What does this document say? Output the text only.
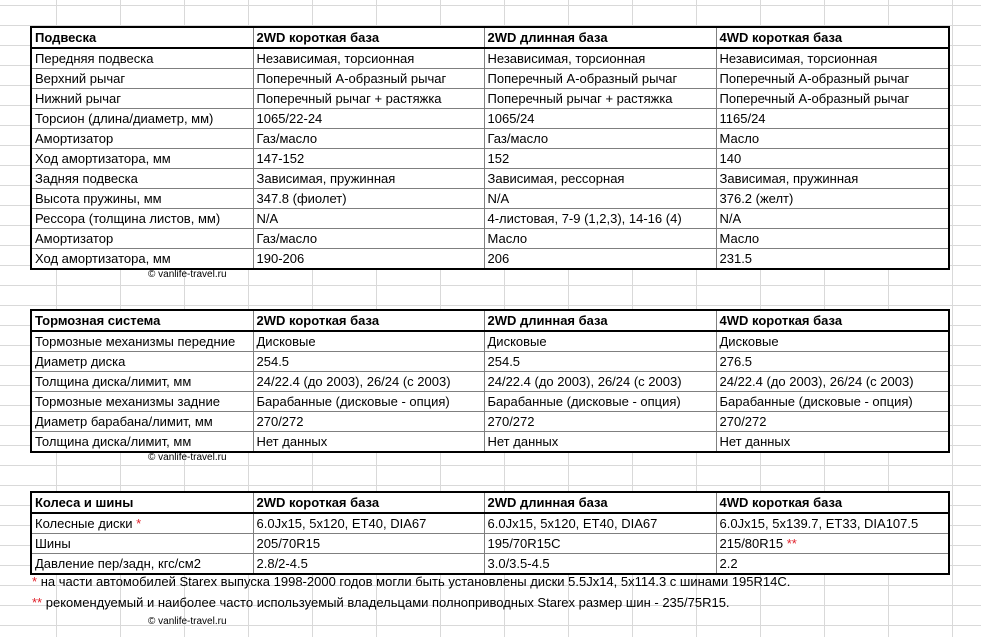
Подвеска	2WD короткая база	2WD длинная база	4WD короткая база
Передняя подвеска	Независимая, торсионная	Независимая, торсионная	Независимая, торсионная
Верхний рычаг	Поперечный А-образный рычаг	Поперечный А-образный рычаг	Поперечный А-образный рычаг
Нижний рычаг	Поперечный рычаг + растяжка	Поперечный рычаг + растяжка	Поперечный А-образный рычаг
Торсион (длина/диаметр, мм)	1065/22-24	1065/24	1165/24
Амортизатор	Газ/масло	Газ/масло	Масло
Ход амортизатора, мм	147-152	152	140
Задняя подвеска	Зависимая, пружинная	Зависимая, рессорная	Зависимая, пружинная
Высота пружины, мм	347.8 (фиолет)	N/A	376.2 (желт)
Рессора (толщина листов, мм)	N/A	4-листовая, 7-9 (1,2,3), 14-16 (4)	N/A
Амортизатор	Газ/масло	Масло	Масло
Ход амортизатора, мм	190-206	206	231.5
© vanlife-travel.ru
Тормозная система	2WD короткая база	2WD длинная база	4WD короткая база
Тормозные механизмы передние	Дисковые	Дисковые	Дисковые
Диаметр диска	254.5	254.5	276.5
Толщина диска/лимит, мм	24/22.4 (до 2003), 26/24 (с 2003)	24/22.4 (до 2003), 26/24 (с 2003)	24/22.4 (до 2003), 26/24 (с 2003)
Тормозные механизмы задние	Барабанные (дисковые - опция)	Барабанные (дисковые - опция)	Барабанные (дисковые - опция)
Диаметр барабана/лимит, мм	270/272	270/272	270/272
Толщина диска/лимит, мм	Нет данных	Нет данных	Нет данных
© vanlife-travel.ru
Колеса и шины	2WD короткая база	2WD длинная база	4WD короткая база
Колесные диски *	6.0Jx15, 5x120, ET40, DIA67	6.0Jx15, 5x120, ET40, DIA67	6.0Jx15, 5x139.7, ET33, DIA107.5
Шины	205/70R15	195/70R15C	215/80R15 **
Давление пер/задн, кгс/см2	2.8/2-4.5	3.0/3.5-4.5	2.2
* на части автомобилей Starex выпуска 1998-2000 годов могли быть установлены диски 5.5Jx14, 5x114.3 с шинами 195R14C.
** рекомендуемый и наиболее часто используемый владельцами полноприводных Starex размер шин - 235/75R15.
© vanlife-travel.ru
